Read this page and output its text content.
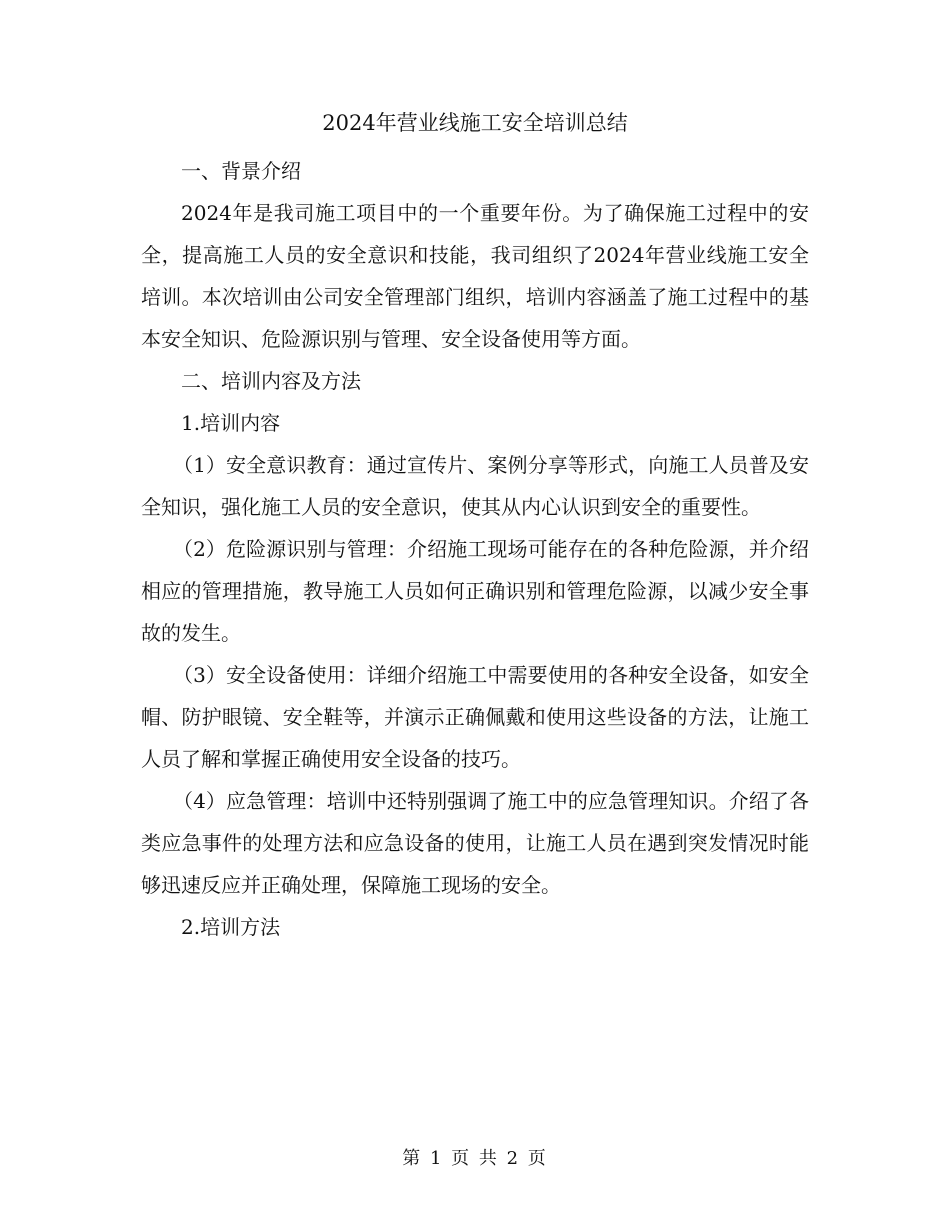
2024年营业线施工安全培训总结

一、背景介绍

2024年是我司施工项目中的一个重要年份。为了确保施工过程中的安全，提高施工人员的安全意识和技能，我司组织了2024年营业线施工安全培训。本次培训由公司安全管理部门组织，培训内容涵盖了施工过程中的基本安全知识、危险源识别与管理、安全设备使用等方面。

二、培训内容及方法

1.培训内容

（1）安全意识教育：通过宣传片、案例分享等形式，向施工人员普及安全知识，强化施工人员的安全意识，使其从内心认识到安全的重要性。

（2）危险源识别与管理：介绍施工现场可能存在的各种危险源，并介绍相应的管理措施，教导施工人员如何正确识别和管理危险源，以减少安全事故的发生。

（3）安全设备使用：详细介绍施工中需要使用的各种安全设备，如安全帽、防护眼镜、安全鞋等，并演示正确佩戴和使用这些设备的方法，让施工人员了解和掌握正确使用安全设备的技巧。

（4）应急管理：培训中还特别强调了施工中的应急管理知识。介绍了各类应急事件的处理方法和应急设备的使用，让施工人员在遇到突发情况时能够迅速反应并正确处理，保障施工现场的安全。

2.培训方法

第 1 页 共 2 页
